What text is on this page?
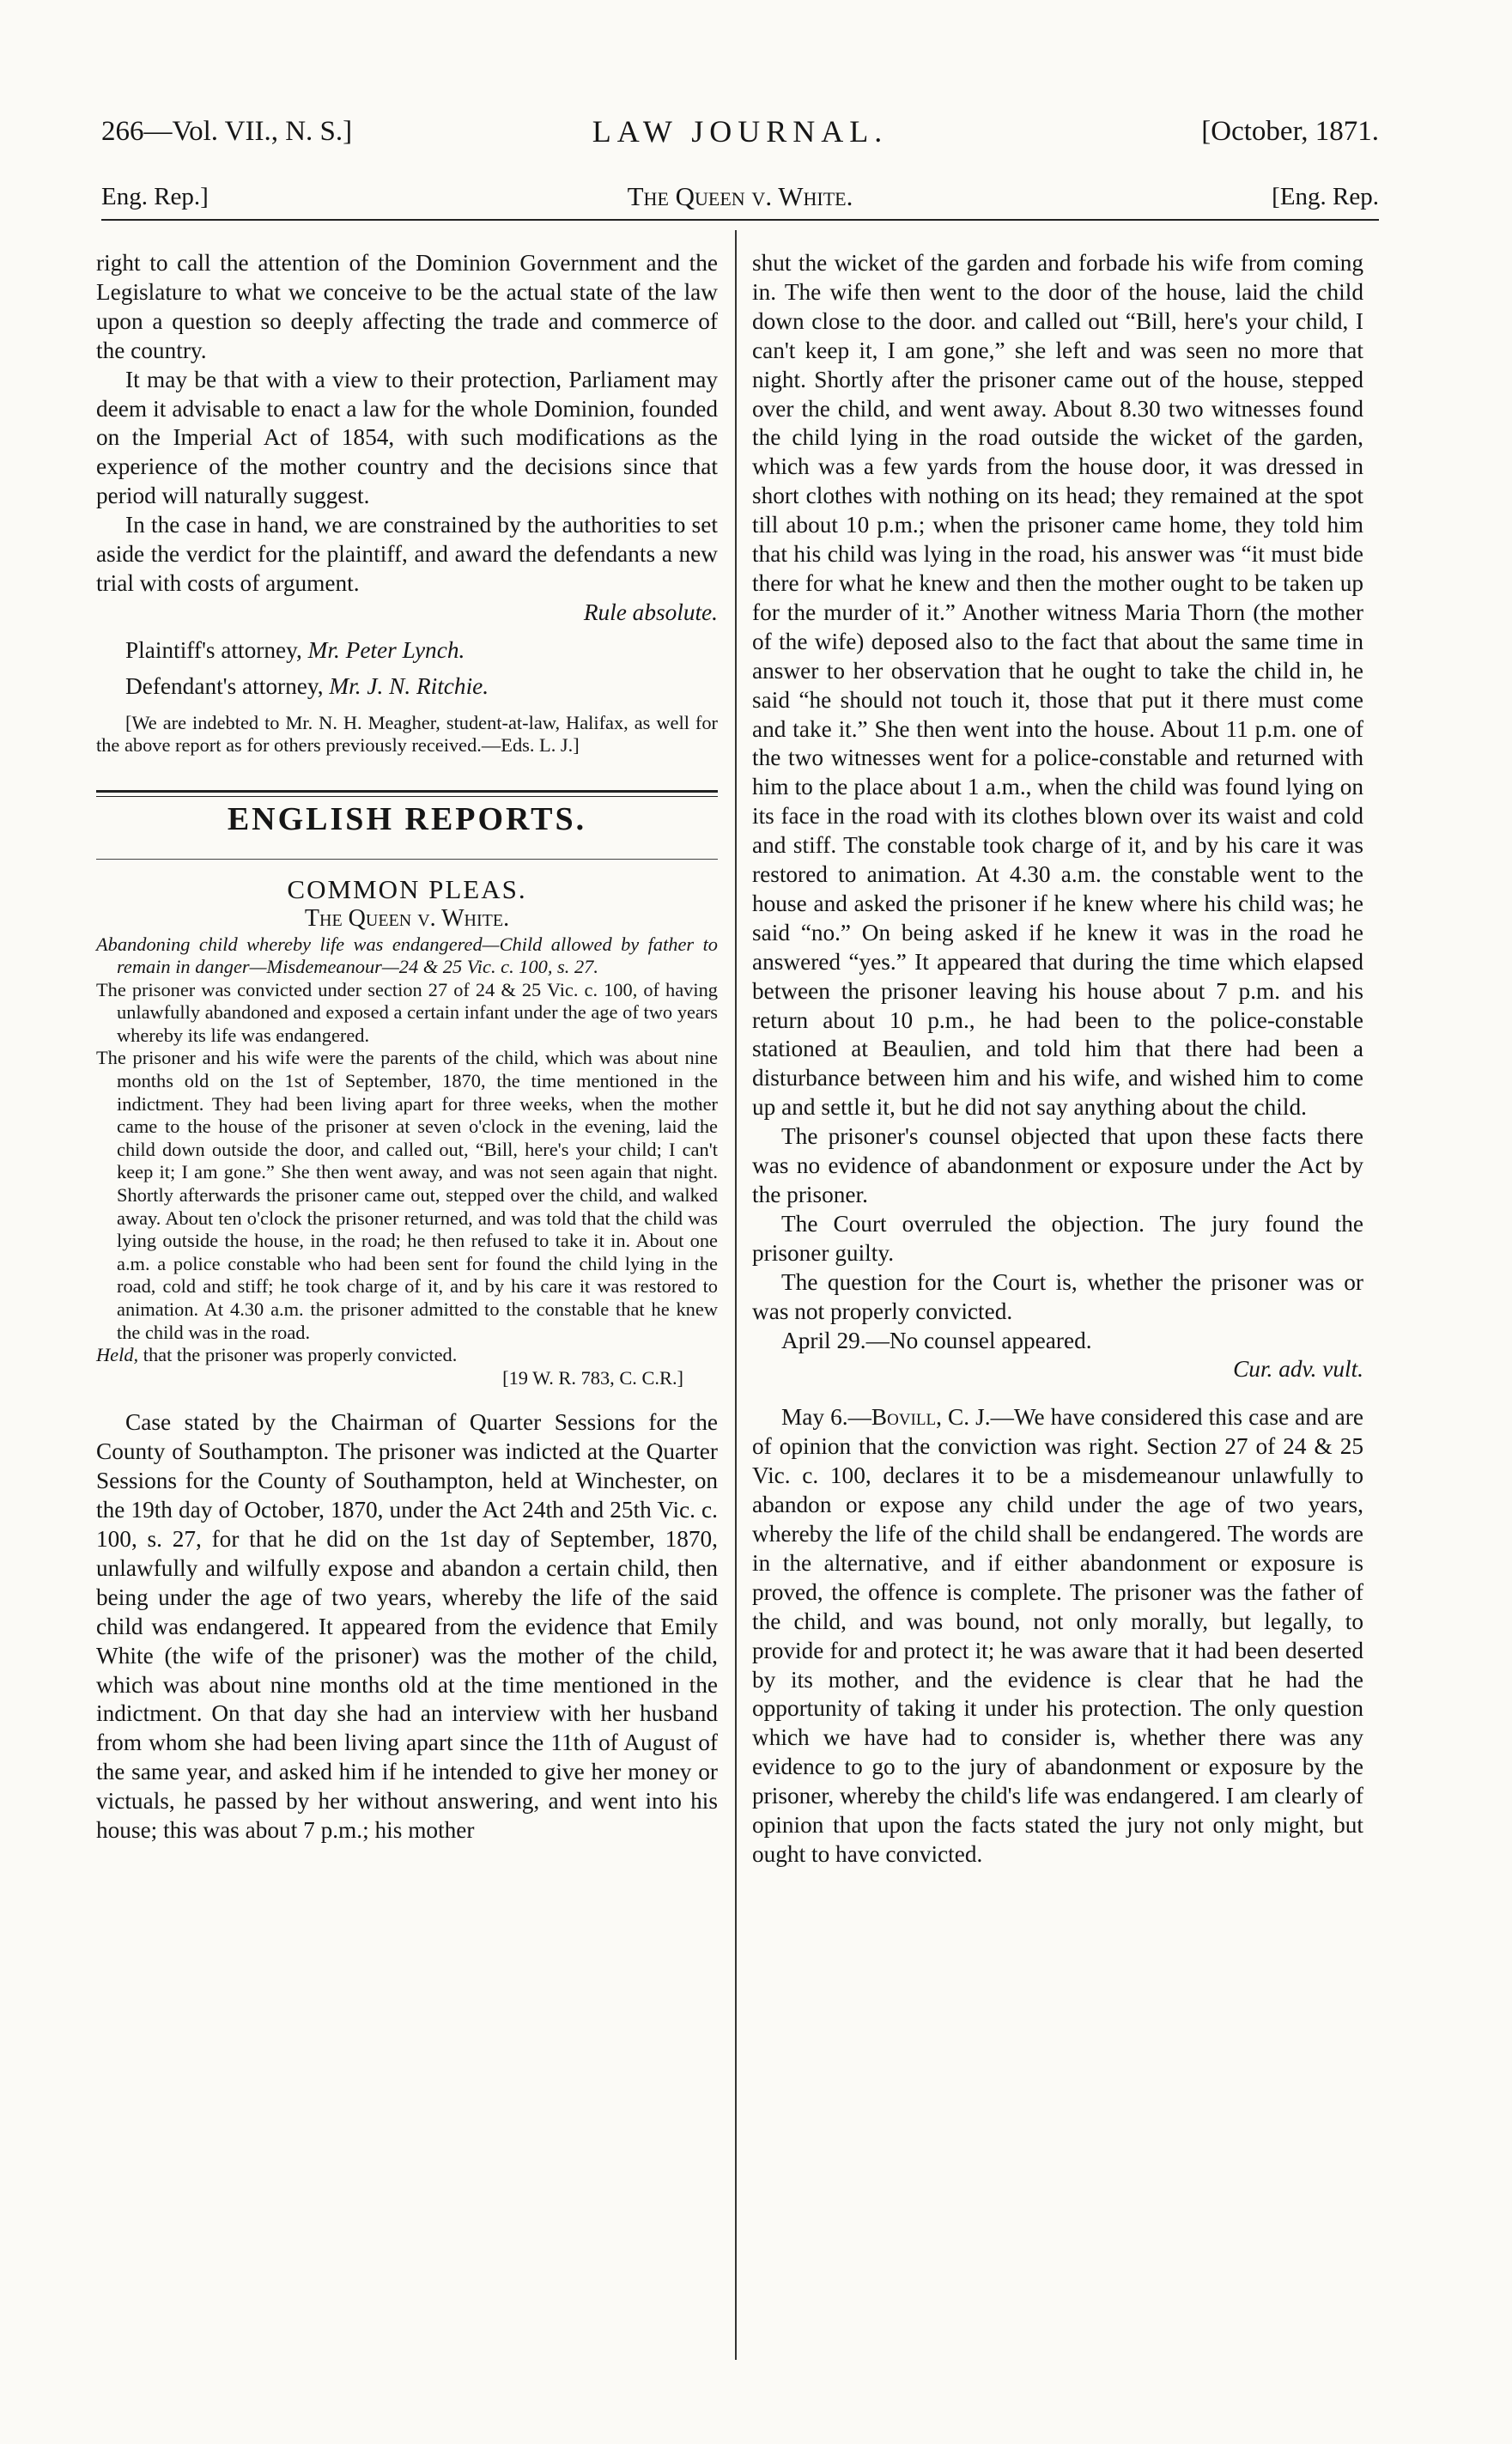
266—Vol. VII., N. S.]	LAW JOURNAL.	[October, 1871.
Eng. Rep.]	The Queen v. White.	[Eng. Rep.

right to call the attention of the Dominion Government and the Legislature to what we conceive to be the actual state of the law upon a question so deeply affecting the trade and commerce of the country.

It may be that with a view to their protection, Parliament may deem it advisable to enact a law for the whole Dominion, founded on the Imperial Act of 1854, with such modifications as the experience of the mother country and the decisions since that period will naturally suggest.

In the case in hand, we are constrained by the authorities to set aside the verdict for the plaintiff, and award the defendants a new trial with costs of argument.

Rule absolute.

Plaintiff's attorney, Mr. Peter Lynch.

Defendant's attorney, Mr. J. N. Ritchie.

[We are indebted to Mr. N. H. Meagher, student-at-law, Halifax, as well for the above report as for others previously received.—Eds. L. J.]

ENGLISH REPORTS.

COMMON PLEAS.

The Queen v. White.

Abandoning child whereby life was endangered—Child allowed by father to remain in danger—Misdemeanour—24 & 25 Vic. c. 100, s. 27.

The prisoner was convicted under section 27 of 24 & 25 Vic. c. 100, of having unlawfully abandoned and exposed a certain infant under the age of two years whereby its life was endangered.

The prisoner and his wife were the parents of the child, which was about nine months old on the 1st of September, 1870, the time mentioned in the indictment. They had been living apart for three weeks, when the mother came to the house of the prisoner at seven o'clock in the evening, laid the child down outside the door, and called out, “Bill, here's your child; I can't keep it; I am gone.” She then went away, and was not seen again that night. Shortly afterwards the prisoner came out, stepped over the child, and walked away. About ten o'clock the prisoner returned, and was told that the child was lying outside the house, in the road; he then refused to take it in. About one a.m. a police constable who had been sent for found the child lying in the road, cold and stiff; he took charge of it, and by his care it was restored to animation. At 4.30 a.m. the prisoner admitted to the constable that he knew the child was in the road.

Held, that the prisoner was properly convicted.

[19 W. R. 783, C. C.R.]

Case stated by the Chairman of Quarter Sessions for the County of Southampton. The prisoner was indicted at the Quarter Sessions for the County of Southampton, held at Winchester, on the 19th day of October, 1870, under the Act 24th and 25th Vic. c. 100, s. 27, for that he did on the 1st day of September, 1870, unlawfully and wilfully expose and abandon a certain child, then being under the age of two years, whereby the life of the said child was endangered. It appeared from the evidence that Emily White (the wife of the prisoner) was the mother of the child, which was about nine months old at the time mentioned in the indictment. On that day she had an interview with her husband from whom she had been living apart since the 11th of August of the same year, and asked him if he intended to give her money or victuals, he passed by her without answering, and went into his house; this was about 7 p.m.; his mother

shut the wicket of the garden and forbade his wife from coming in. The wife then went to the door of the house, laid the child down close to the door. and called out “Bill, here's your child, I can't keep it, I am gone,” she left and was seen no more that night. Shortly after the prisoner came out of the house, stepped over the child, and went away. About 8.30 two witnesses found the child lying in the road outside the wicket of the garden, which was a few yards from the house door, it was dressed in short clothes with nothing on its head; they remained at the spot till about 10 p.m.; when the prisoner came home, they told him that his child was lying in the road, his answer was “it must bide there for what he knew and then the mother ought to be taken up for the murder of it.” Another witness Maria Thorn (the mother of the wife) deposed also to the fact that about the same time in answer to her observation that he ought to take the child in, he said “he should not touch it, those that put it there must come and take it.” She then went into the house. About 11 p.m. one of the two witnesses went for a police-constable and returned with him to the place about 1 a.m., when the child was found lying on its face in the road with its clothes blown over its waist and cold and stiff. The constable took charge of it, and by his care it was restored to animation. At 4.30 a.m. the constable went to the house and asked the prisoner if he knew where his child was; he said “no.” On being asked if he knew it was in the road he answered “yes.” It appeared that during the time which elapsed between the prisoner leaving his house about 7 p.m. and his return about 10 p.m., he had been to the police-constable stationed at Beaulien, and told him that there had been a disturbance between him and his wife, and wished him to come up and settle it, but he did not say anything about the child.

The prisoner's counsel objected that upon these facts there was no evidence of abandonment or exposure under the Act by the prisoner.

The Court overruled the objection. The jury found the prisoner guilty.

The question for the Court is, whether the prisoner was or was not properly convicted.

April 29.—No counsel appeared.

Cur. adv. vult.

May 6.—Bovill, C. J.—We have considered this case and are of opinion that the conviction was right. Section 27 of 24 & 25 Vic. c. 100, declares it to be a misdemeanour unlawfully to abandon or expose any child under the age of two years, whereby the life of the child shall be endangered. The words are in the alternative, and if either abandonment or exposure is proved, the offence is complete. The prisoner was the father of the child, and was bound, not only morally, but legally, to provide for and protect it; he was aware that it had been deserted by its mother, and the evidence is clear that he had the opportunity of taking it under his protection. The only question which we have had to consider is, whether there was any evidence to go to the jury of abandonment or exposure by the prisoner, whereby the child's life was endangered. I am clearly of opinion that upon the facts stated the jury not only might, but ought to have convicted.
